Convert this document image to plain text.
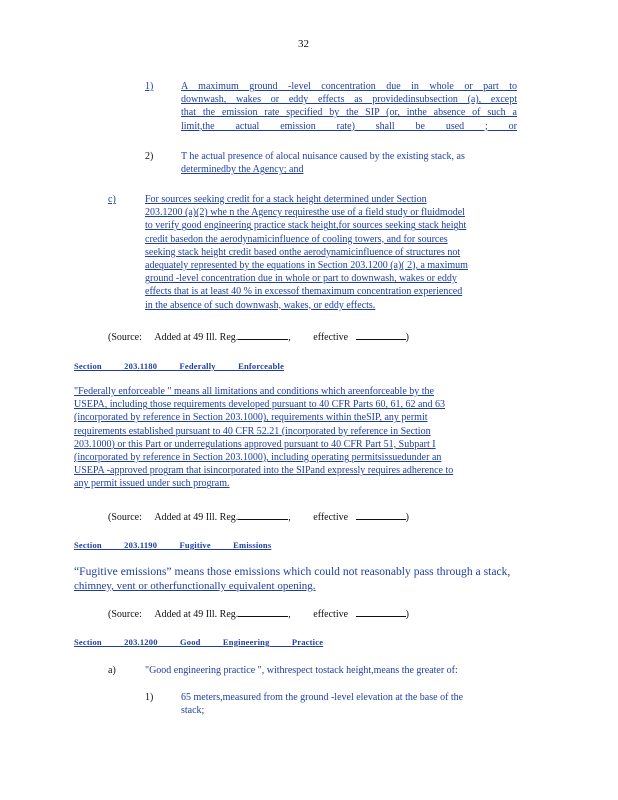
32
1)	A maximum ground -level concentration due in whole or part to
downwash, wakes or eddy effects as providedinsubsection (a), except
that the emission rate specified by the SIP (or, inthe absence of such a
limit,the actual emission rate) shall be used ; or
2)	T he actual presence of alocal nuisance caused by the existing stack, as
determinedby the Agency; and
c)	For sources seeking credit for a stack height determined under Section
203.1200 (a)(2) whe n the Agency requiresthe use of a field study or fluidmodel
to verify good engineering practice stack height,for sources seeking stack height
credit basedon the aerodynamicinfluence of cooling towers, and for sources
seeking stack height credit based onthe aerodynamicinfluence of structures not
adequately represented by the equations in Section 203.1200 (a)( 2), a maximum
ground -level concentration due in whole or part to downwash, wakes or eddy
effects that is at least 40 % in excessof themaximum concentration experienced
in the absence of such downwash, wakes, or eddy effects.
(Source: Added at 49 Ill. Reg.	,         effective	)
Section 203.1180 Federally Enforceable
"Federally enforceable " means all limitations and conditions which areenforceable by the
USEPA, including those requirements developed pursuant to 40 CFR Parts 60, 61, 62 and 63
(incorporated by reference in Section 203.1000), requirements within theSIP, any permit
requirements established pursuant to 40 CFR 52.21 (incorporated by reference in Section
203.1000) or this Part or underregulations approved pursuant to 40 CFR Part 51, Subpart I
(incorporated by reference in Section 203.1000), including operating permitsissuedunder an
USEPA -approved program that isincorporated into the SIPand expressly requires adherence to
any permit issued under such program.
(Source: Added at 49 Ill. Reg.	,         effective	)
Section 203.1190 Fugitive Emissions
“Fugitive emissions” means those emissions which could not reasonably pass through a stack,
chimney, vent or otherfunctionally equivalent opening.
(Source: Added at 49 Ill. Reg.	,         effective	)
Section 203.1200 Good Engineering Practice
a)	"Good engineering practice ", withrespect tostack height,means the greater of:
1)	65 meters,measured from the ground -level elevation at the base of the
stack;
